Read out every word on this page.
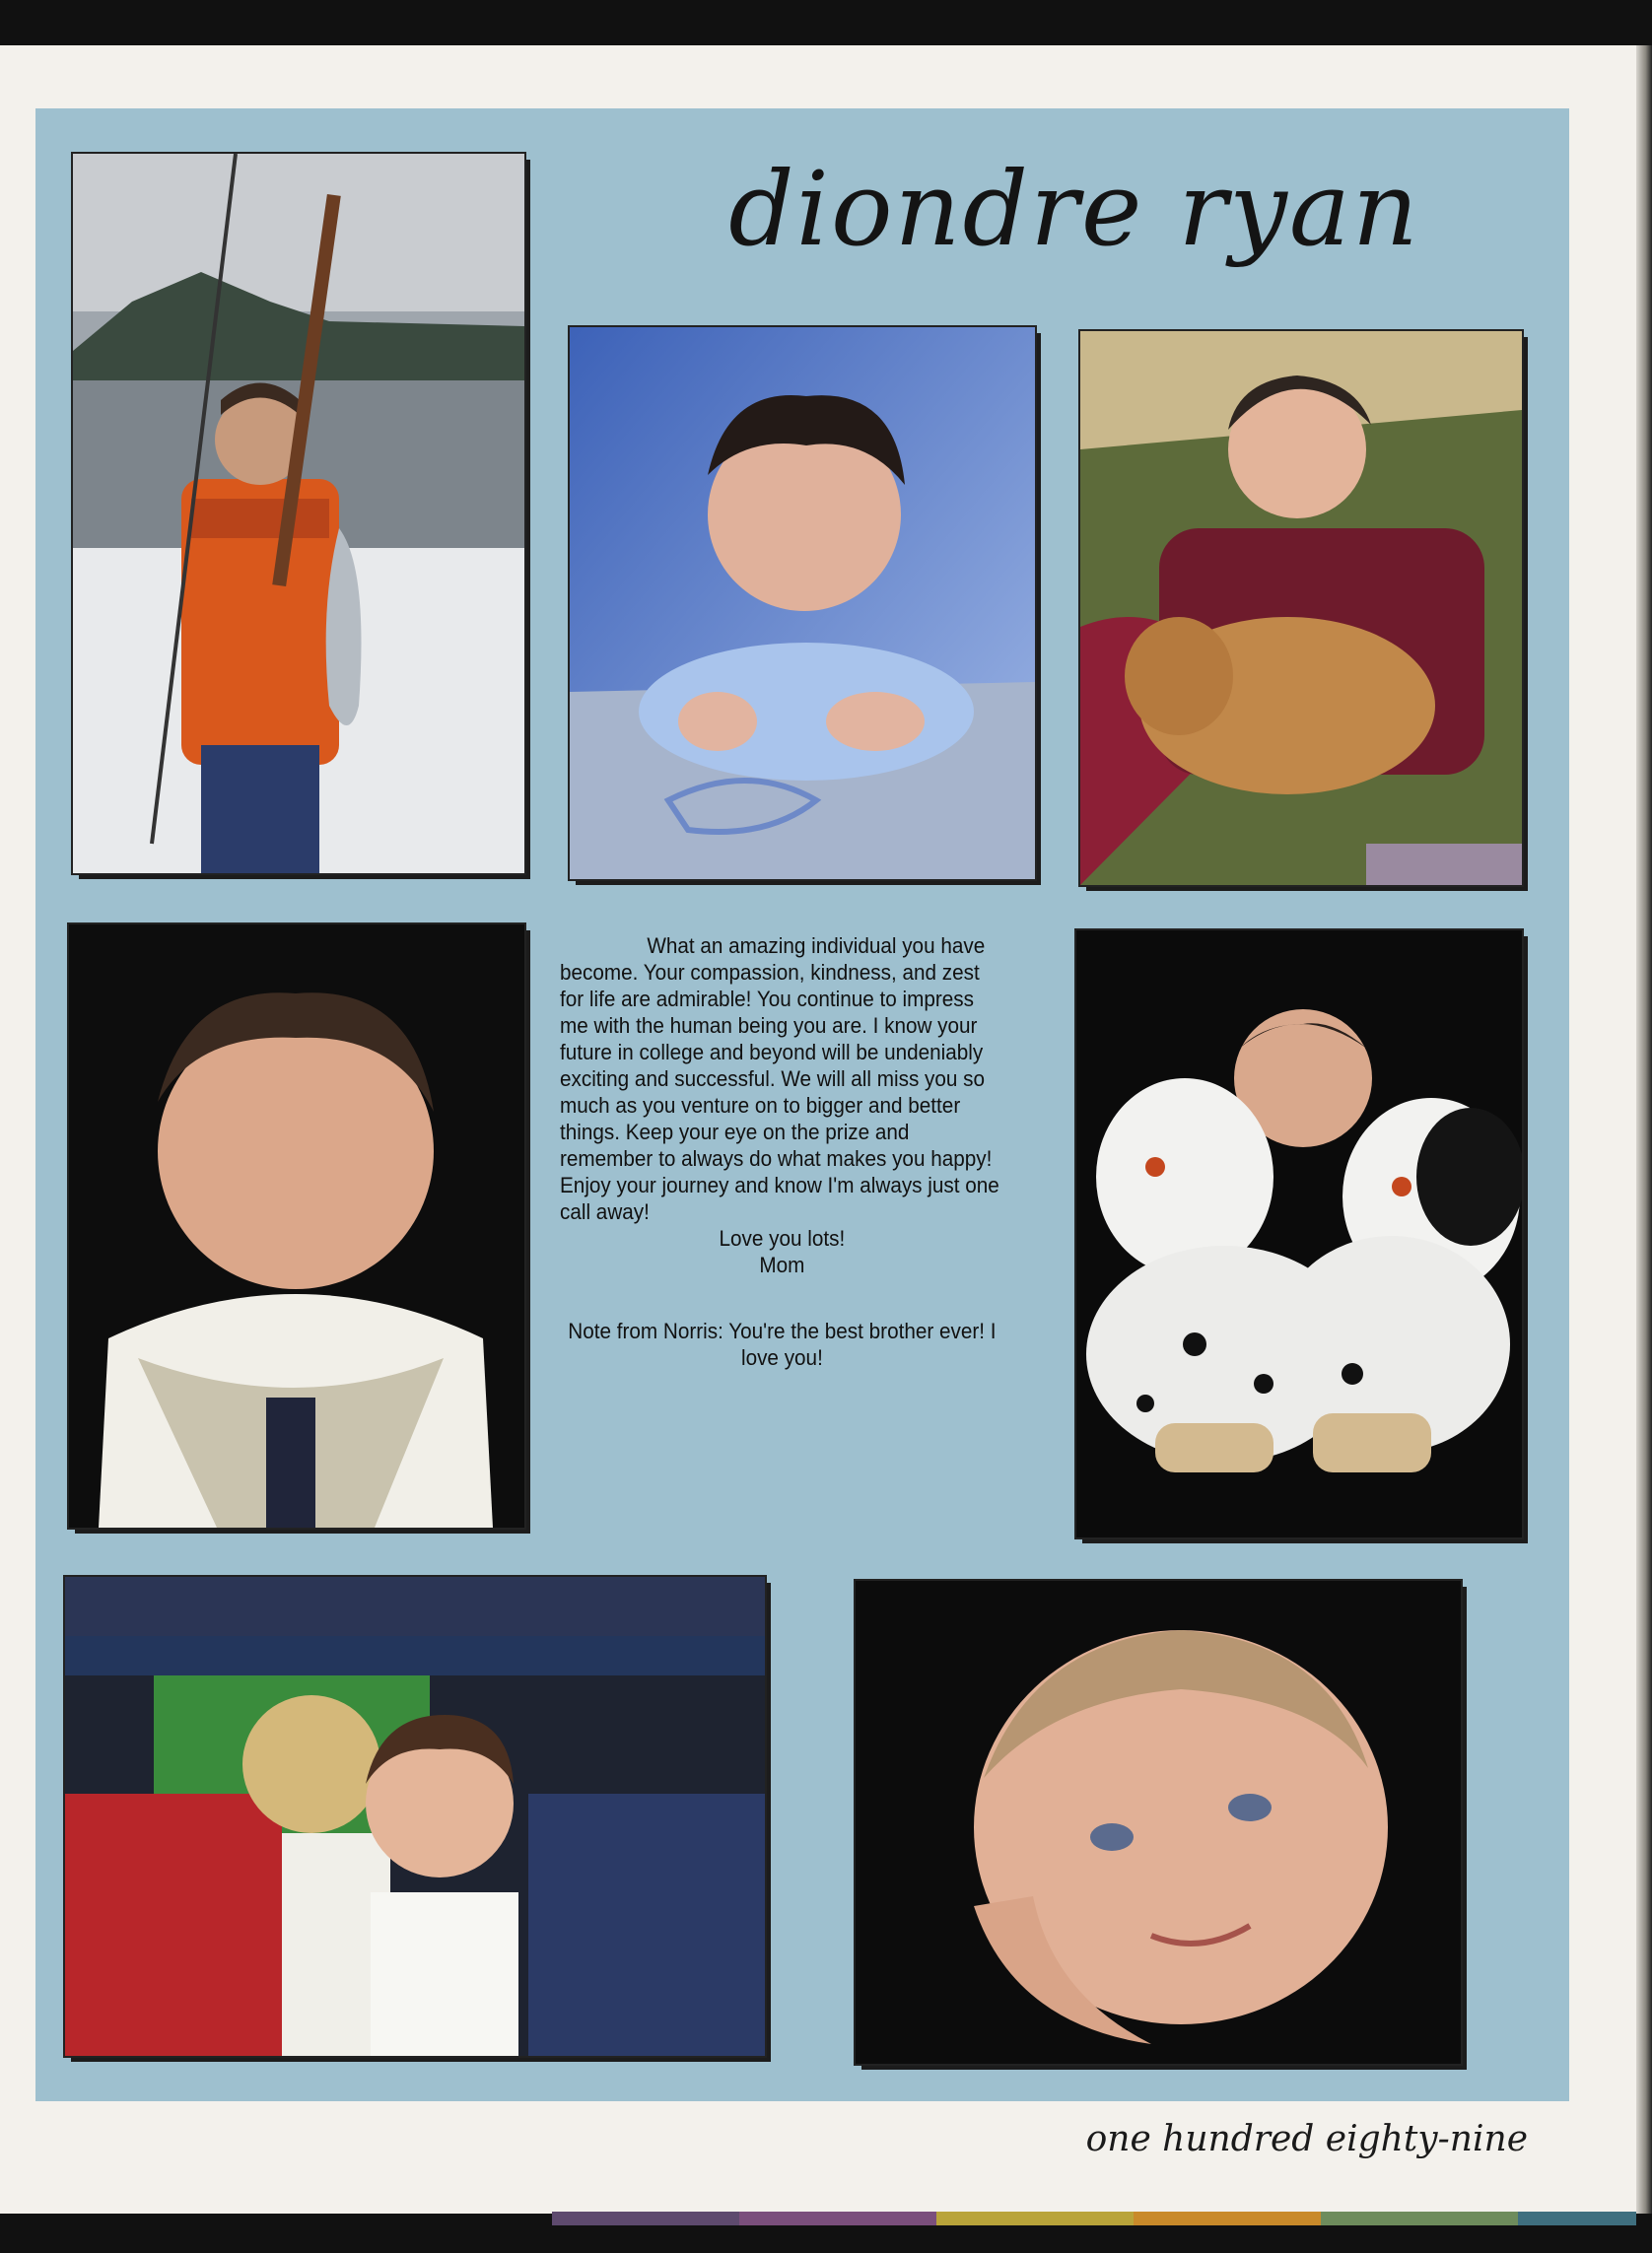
diondre ryan
What an amazing individual you have become. Your compassion, kindness, and zest for life are admirable! You continue to impress me with the human being you are. I know your future in college and beyond will be undeniably exciting and successful. We will all miss you so much as you venture on to bigger and better things. Keep your eye on the prize and remember to always do what makes you happy! Enjoy your journey and know I'm always just one call away!
Love you lots!
Mom
Note from Norris: You're the best brother ever! I love you!
one hundred eighty-nine
